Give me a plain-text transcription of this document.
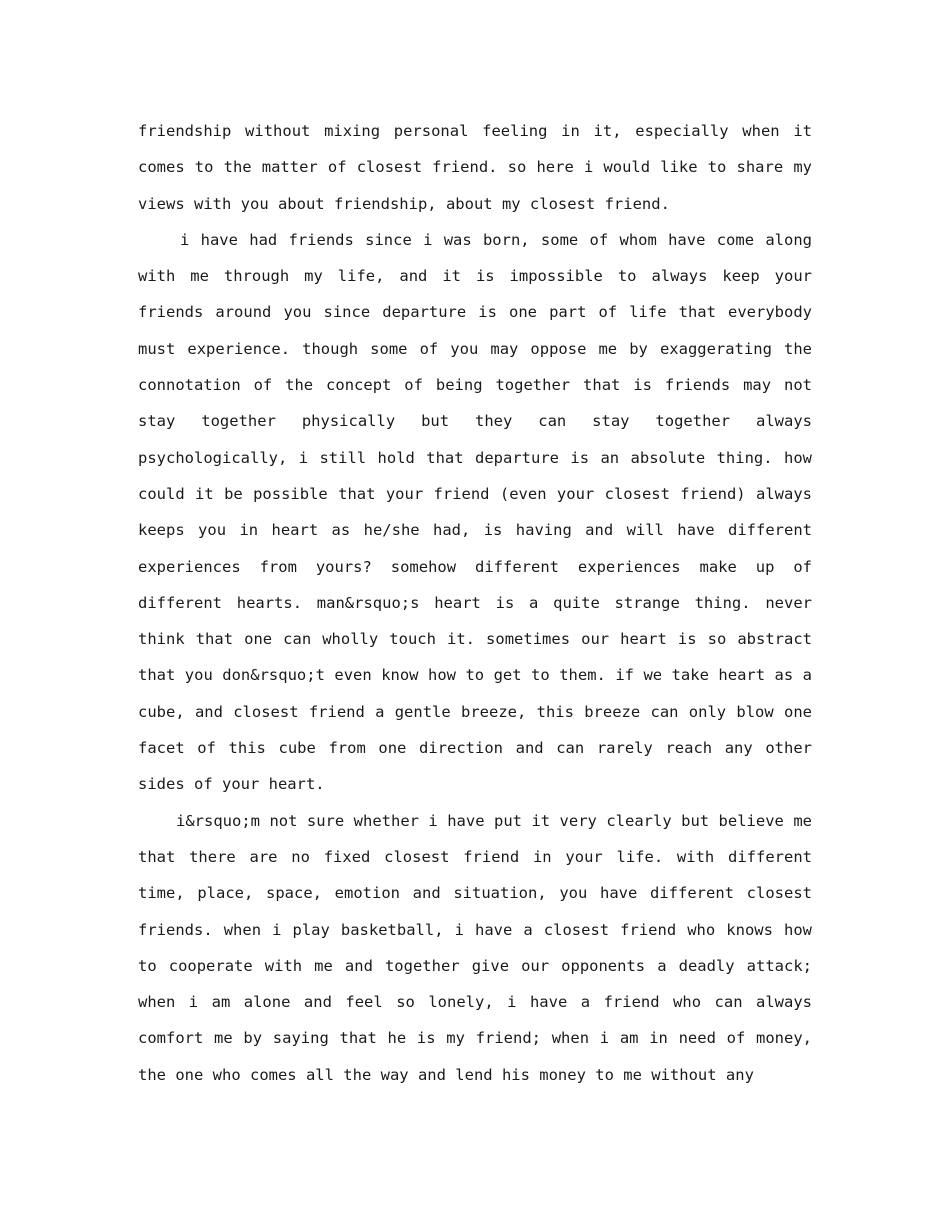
friendship without mixing personal feeling in it, especially when it comes to the matter of closest friend. so here i would like to share my views with you about friendship, about my closest friend.

i have had friends since i was born, some of whom have come along with me through my life, and it is impossible to always keep your friends around you since departure is one part of life that everybody must experience. though some of you may oppose me by exaggerating the connotation of the concept of being together that is friends may not stay together physically but they can stay together always psychologically, i still hold that departure is an absolute thing. how could it be possible that your friend (even your closest friend) always keeps you in heart as he/she had, is having and will have different experiences from yours? somehow different experiences make up of different hearts. man&rsquo;s heart is a quite strange thing. never think that one can wholly touch it. sometimes our heart is so abstract that you don&rsquo;t even know how to get to them. if we take heart as a cube, and closest friend a gentle breeze, this breeze can only blow one facet of this cube from one direction and can rarely reach any other sides of your heart.

i&rsquo;m not sure whether i have put it very clearly but believe me that there are no fixed closest friend in your life. with different time, place, space, emotion and situation, you have different closest friends. when i play basketball, i have a closest friend who knows how to cooperate with me and together give our opponents a deadly attack; when i am alone and feel so lonely, i have a friend who can always comfort me by saying that he is my friend; when i am in need of money, the one who comes all the way and lend his money to me without any
